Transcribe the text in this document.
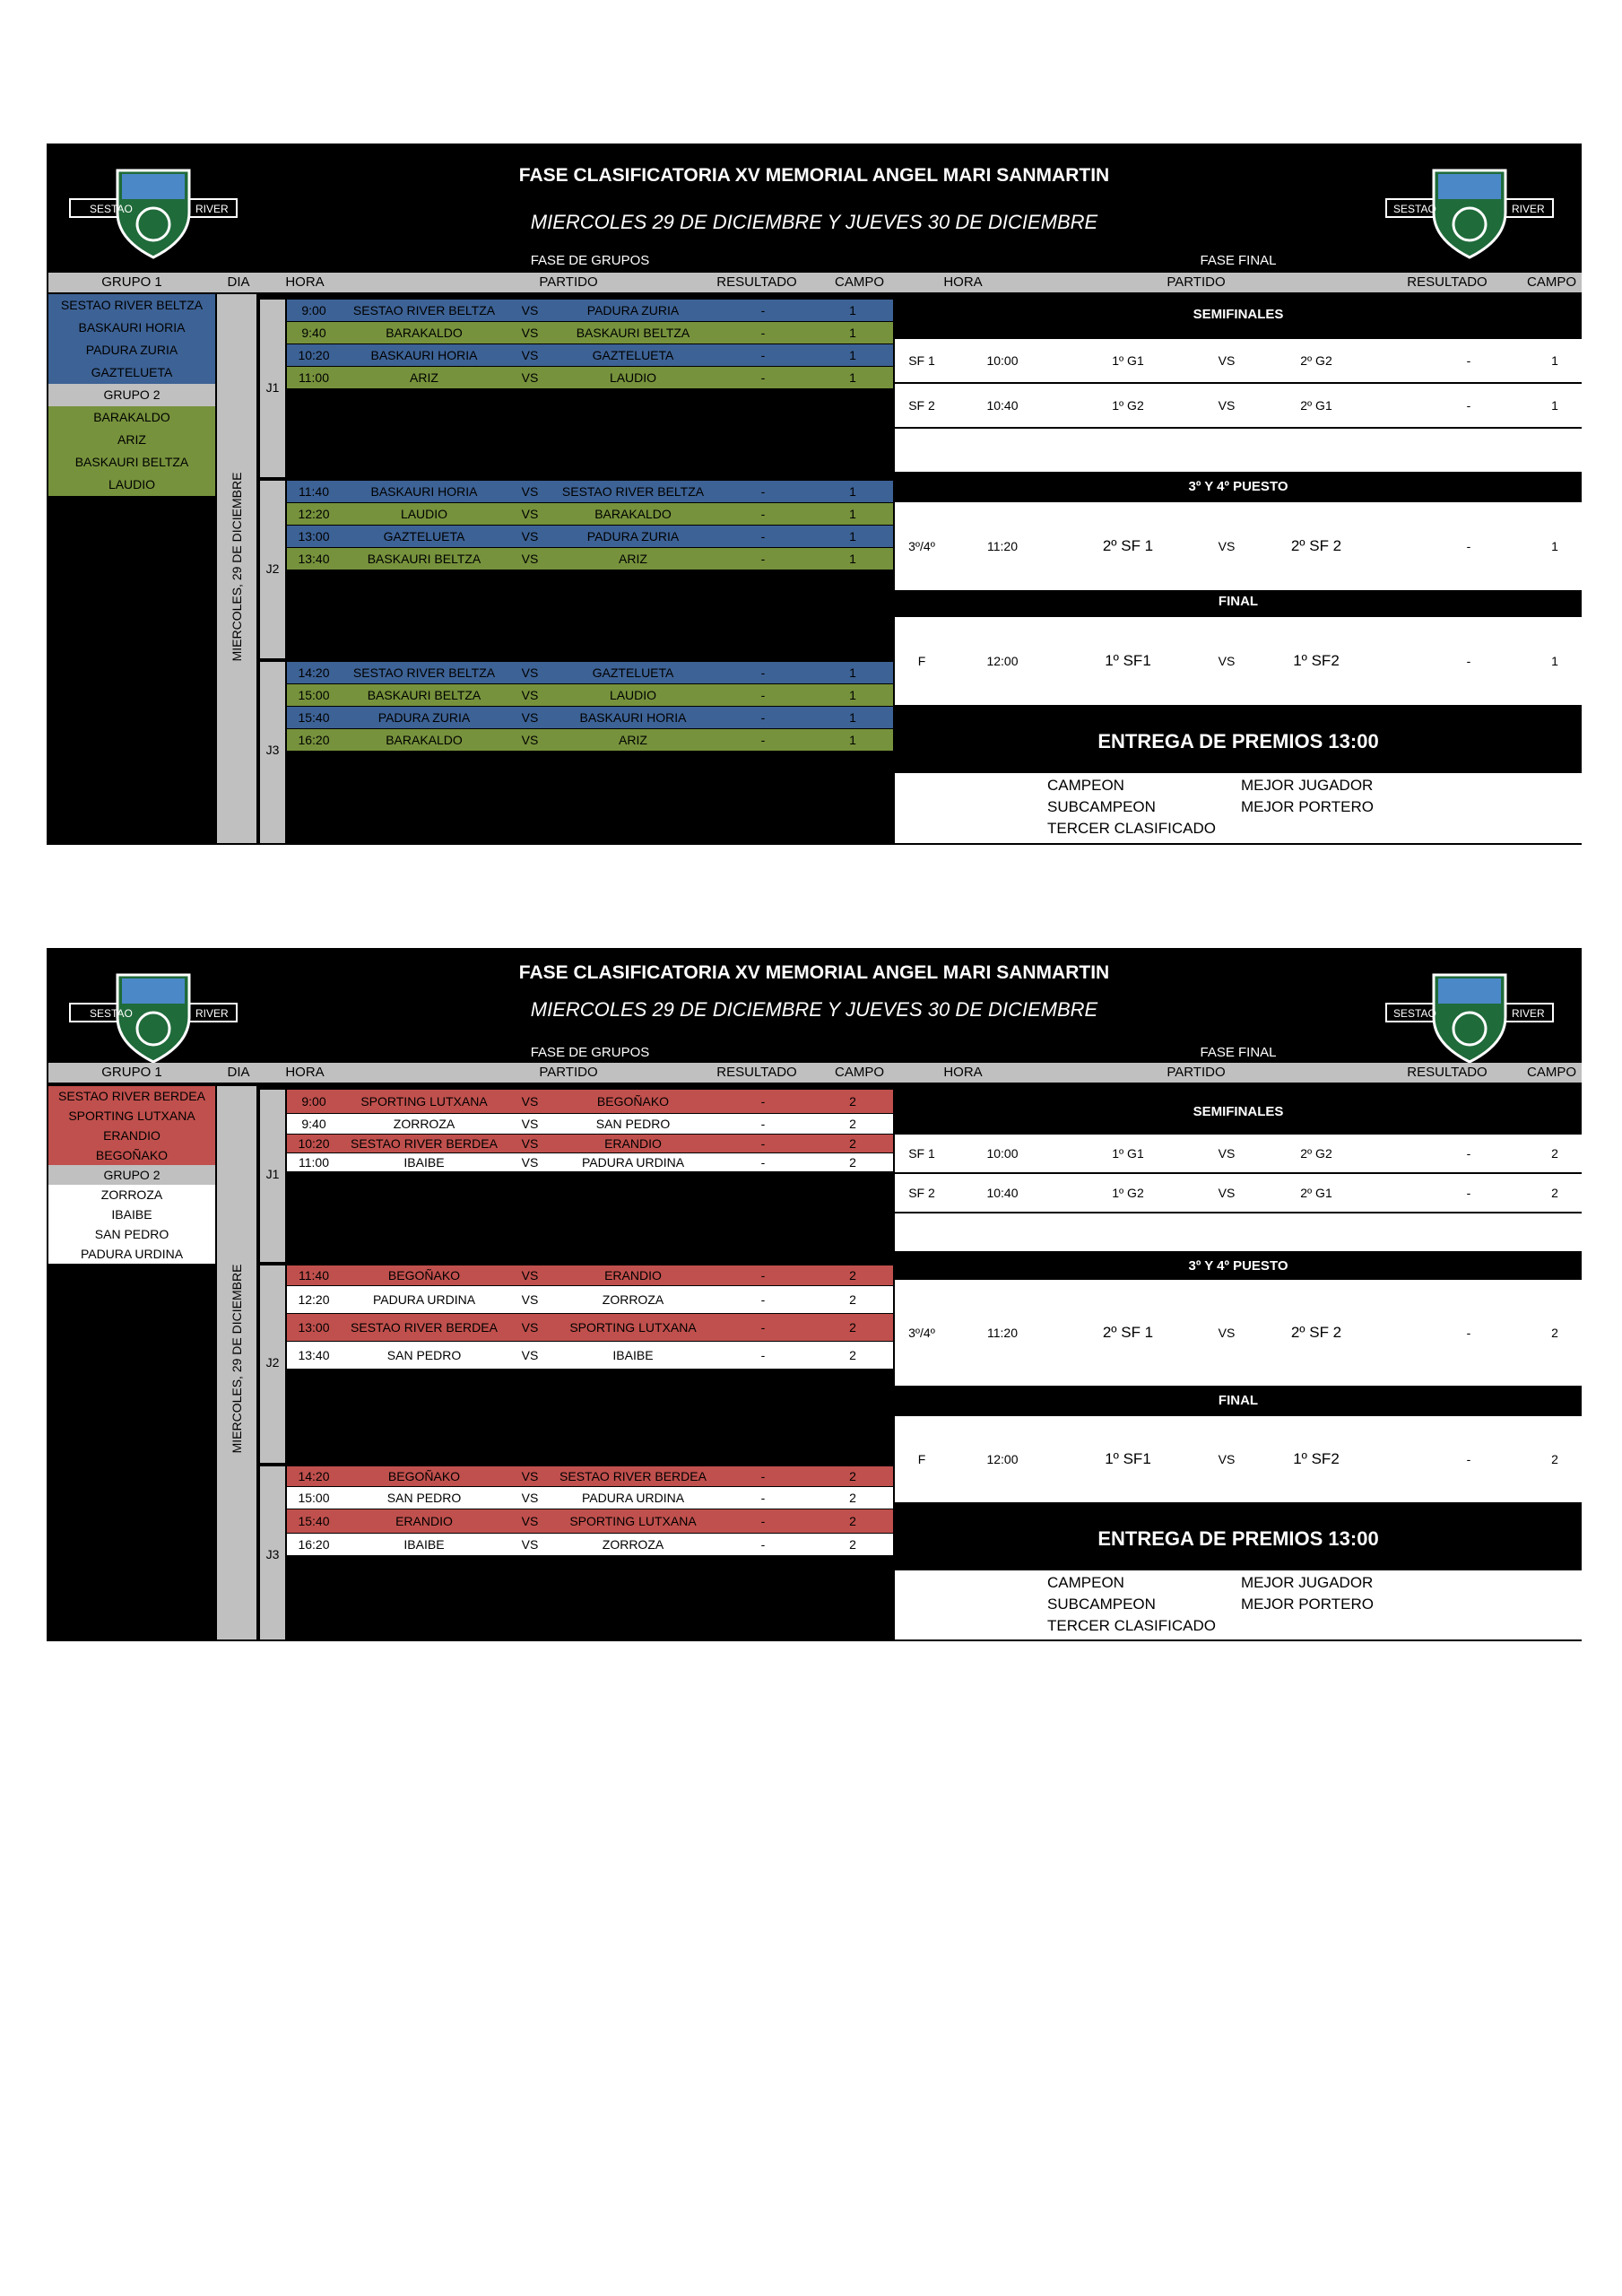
FASE CLASIFICATORIA XV MEMORIAL ANGEL MARI SANMARTIN
MIERCOLES 29 DE DICIEMBRE Y JUEVES 30 DE DICIEMBRE
SESTAO	RIVER	SESTAO	RIVER
FASE DE GRUPOS	FASE FINAL
GRUPO 1	DIA	HORA	PARTIDO	RESULTADO	CAMPO	HORA	PARTIDO	RESULTADO	CAMPO
SESTAO RIVER BELTZA
BASKAURI HORIA
PADURA ZURIA
GAZTELUETA
GRUPO 2
BARAKALDO
ARIZ
BASKAURI BELTZA
LAUDIO	MIERCOLES, 29 DE DICIEMBRE
J1
J2
J3
9:00	SESTAO RIVER BELTZA	VS	PADURA ZURIA	-	1
9:40	BARAKALDO	VS	BASKAURI BELTZA	-	1
10:20	BASKAURI HORIA	VS	GAZTELUETA	-	1
11:00	ARIZ	VS	LAUDIO	-	1
11:40	BASKAURI HORIA	VS	SESTAO RIVER BELTZA	-	1
12:20	LAUDIO	VS	BARAKALDO	-	1
13:00	GAZTELUETA	VS	PADURA ZURIA	-	1
13:40	BASKAURI BELTZA	VS	ARIZ	-	1
14:20	SESTAO RIVER BELTZA	VS	GAZTELUETA	-	1
15:00	BASKAURI BELTZA	VS	LAUDIO	-	1
15:40	PADURA ZURIA	VS	BASKAURI HORIA	-	1
16:20	BARAKALDO	VS	ARIZ	-	1
SEMIFINALES
SF 1	10:00	1º G1	VS	2º G2	-	1
SF 2	10:40	1º G2	VS	2º G1	-	1
3º Y 4º PUESTO
3º/4º	11:20	2º SF 1	VS	2º SF 2	-	1
FINAL
F	12:00	1º SF1	VS	1º SF2	-	1
ENTREGA DE PREMIOS 13:00
CAMPEON
SUBCAMPEON
TERCER CLASIFICADO
MEJOR JUGADOR
MEJOR PORTERO
FASE CLASIFICATORIA XV MEMORIAL ANGEL MARI SANMARTIN
MIERCOLES 29 DE DICIEMBRE Y JUEVES 30 DE DICIEMBRE
SESTAO	RIVER	SESTAO	RIVER
FASE DE GRUPOS	FASE FINAL
GRUPO 1	DIA	HORA	PARTIDO	RESULTADO	CAMPO	HORA	PARTIDO	RESULTADO	CAMPO
SESTAO RIVER BERDEA
SPORTING LUTXANA
ERANDIO
BEGOÑAKO
GRUPO 2
ZORROZA
IBAIBE
SAN PEDRO
PADURA URDINA
MIERCOLES, 29 DE DICIEMBRE
J1
J2
J3
9:00	SPORTING LUTXANA	VS	BEGOÑAKO	-	2
9:40	ZORROZA	VS	SAN PEDRO	-	2
10:20	SESTAO RIVER BERDEA	VS	ERANDIO	-	2
11:00	IBAIBE	VS	PADURA URDINA	-	2
11:40	BEGOÑAKO	VS	ERANDIO	-	2
12:20	PADURA URDINA	VS	ZORROZA	-	2
13:00	SESTAO RIVER BERDEA	VS	SPORTING LUTXANA	-	2
13:40	SAN PEDRO	VS	IBAIBE	-	2
14:20	BEGOÑAKO	VS	SESTAO RIVER BERDEA	-	2
15:00	SAN PEDRO	VS	PADURA URDINA	-	2
15:40	ERANDIO	VS	SPORTING LUTXANA	-	2
16:20	IBAIBE	VS	ZORROZA	-	2
SEMIFINALES
SF 1	10:00	1º G1	VS	2º G2	-	2
SF 2	10:40	1º G2	VS	2º G1	-	2
3º Y 4º PUESTO
3º/4º	11:20	2º SF 1	VS	2º SF 2	-	2
FINAL
F	12:00	1º SF1	VS	1º SF2	-	2
ENTREGA DE PREMIOS 13:00
CAMPEON
SUBCAMPEON
TERCER CLASIFICADO
MEJOR JUGADOR
MEJOR PORTERO
